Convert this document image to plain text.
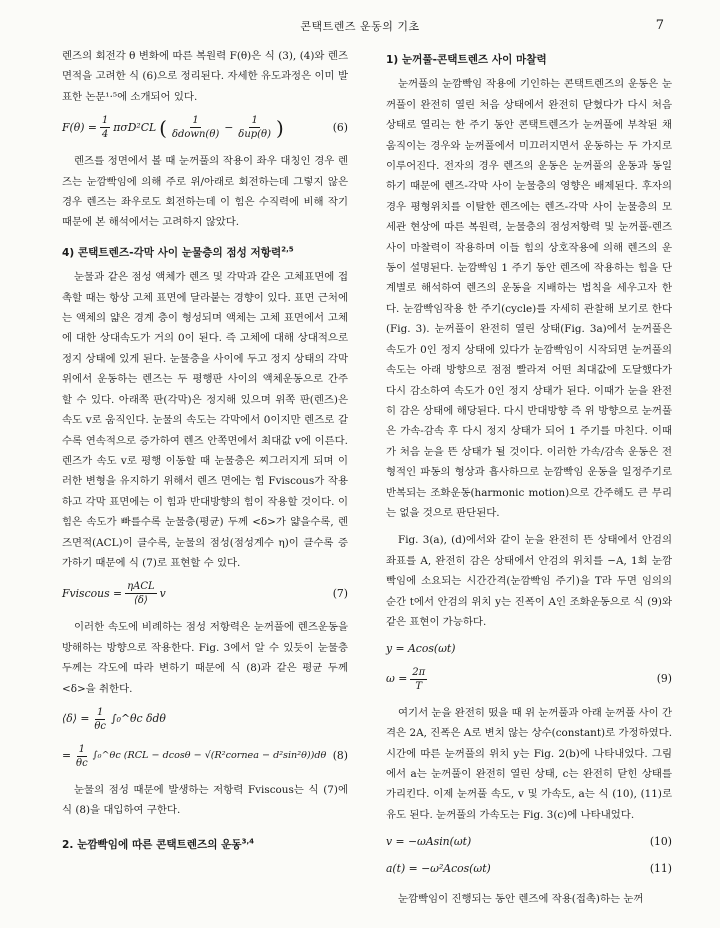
콘택트렌즈 운동의 기초	7

렌즈의 회전각 θ 변화에 따른 복원력 F(θ)은 식 (3), (4)와 렌즈 면적을 고려한 식 (6)으로 정리된다. 자세한 유도과정은 이미 발표한 논문¹·⁵에 소개되어 있다.

$F(\theta) = \frac{1}{4} \pi\sigma D^2CL$ ( $\frac{1}{\text{δdown(θ)}} - \frac{1}{\text{δup(θ)}}$ )	(6)

렌즈를 정면에서 볼 때 눈꺼풀의 작용이 좌우 대칭인 경우 렌즈는 눈깜빡임에 의해 주로 위/아래로 회전하는데 그렇지 않은 경우 렌즈는 좌우로도 회전하는데 이 힘은 수직력에 비해 작기 때문에 본 해석에서는 고려하지 않았다.

4) 콘택트렌즈-각막 사이 눈물층의 점성 저항력$^{2,5}$

눈물과 같은 점성 액체가 렌즈 및 각막과 같은 고체표면에 접촉할 때는 항상 고체 표면에 달라붙는 경향이 있다. 표면 근처에는 액체의 얇은 경계 층이 형성되며 액체는 고체 표면에서 고체에 대한 상대속도가 거의 0이 된다. 즉 고체에 대해 상대적으로 정지 상태에 있게 된다. 눈물층을 사이에 두고 정지 상태의 각막 위에서 운동하는 렌즈는 두 평행판 사이의 액체운동으로 간주 할 수 있다. 아래쪽 판(각막)은 정지해 있으며 위쪽 판(렌즈)은 속도 v로 움직인다. 눈물의 속도는 각막에서 0이지만 렌즈로 갈수록 연속적으로 증가하여 렌즈 안쪽면에서 최대값 v에 이른다. 렌즈가 속도 v로 평행 이동할 때 눈물층은 찌그러지게 되며 이러한 변형을 유지하기 위해서 렌즈 면에는 힘 Fviscous가 작용하고 각막 표면에는 이 힘과 반대방향의 힘이 작용할 것이다. 이 힘은 속도가 빠를수록 눈물층(평균) 두께 <δ>가 얇을수록, 렌즈면적(ACL)이 클수록, 눈물의 점성(점성계수 η)이 클수록 증가하기 때문에 식 (7)로 표현할 수 있다.

Fviscous = $\frac{\text{ηACL}}{⟨\delta⟩}$ v	(7)

이러한 속도에 비례하는 점성 저항력은 눈꺼풀에 렌즈운동을 방해하는 방향으로 작용한다. Fig. 3에서 알 수 있듯이 눈물층 두께는 각도에 따라 변하기 때문에 식 (8)과 같은 평균 두께 <δ>을 취한다.

⟨δ⟩ = $\frac{1}{\theta c}$ ∫₀^θc δdθ
= $\frac{1}{\theta c}$ ∫₀^θc (RCL − dcosθ − √(R²cornea − d²sin²θ))dθ (8)

눈물의 점성 때문에 발생하는 저항력 Fviscous는 식 (7)에 식 (8)을 대입하여 구한다.

2. 눈깜빡임에 따른 콘택트렌즈의 운동$^{3,4}$
1) 눈꺼풀-콘택트렌즈 사이 마찰력

눈꺼풀의 눈깜빡임 작용에 기인하는 콘택트렌즈의 운동은 눈꺼풀이 완전히 열린 처음 상태에서 완전히 닫혔다가 다시 처음 상태로 열리는 한 주기 동안 콘택트렌즈가 눈꺼풀에 부착된 채 움직이는 경우와 눈꺼풀에서 미끄러지면서 운동하는 두 가지로 이루어진다. 전자의 경우 렌즈의 운동은 눈꺼풀의 운동과 동일하기 때문에 렌즈-각막 사이 눈물층의 영향은 배제된다. 후자의 경우 평형위치를 이탈한 렌즈에는 렌즈-각막 사이 눈물층의 모세관 현상에 따른 복원력, 눈물층의 점성저항력 및 눈꺼풀-렌즈 사이 마찰력이 작용하며 이들 힘의 상호작용에 의해 렌즈의 운동이 설명된다. 눈깜빡임 1 주기 동안 렌즈에 작용하는 힘을 단계별로 해석하여 렌즈의 운동을 지배하는 법칙을 세우고자 한다. 눈깜빡임작용 한 주기(cycle)를 자세히 관찰해 보기로 한다(Fig. 3). 눈꺼풀이 완전히 열린 상태(Fig. 3a)에서 눈꺼풀은 속도가 0인 정지 상태에 있다가 눈깜빡임이 시작되면 눈꺼풀의 속도는 아래 방향으로 점점 빨라져 어떤 최대값에 도달했다가 다시 감소하여 속도가 0인 정지 상태가 된다. 이때가 눈을 완전히 감은 상태에 해당된다. 다시 반대방향 즉 위 방향으로 눈꺼풀은 가속-감속 후 다시 정지 상태가 되어 1 주기를 마친다. 이때가 처음 눈을 뜬 상태가 될 것이다. 이러한 가속/감속 운동은 전형적인 파동의 형상과 흡사하므로 눈깜빡임 운동을 일정주기로 반복되는 조화운동(harmonic motion)으로 간주해도 큰 무리는 없을 것으로 판단된다.

Fig. 3(a), (d)에서와 같이 눈을 완전히 뜬 상태에서 안검의 좌표를 A, 완전히 감은 상태에서 안검의 위치를 −A, 1회 눈깜빡임에 소요되는 시간간격(눈깜빡임 주기)을 T라 두면 임의의 순간 t에서 안검의 위치 y는 진폭이 A인 조화운동으로 식 (9)와 같은 표현이 가능하다.

y = Acos(ωt)
$\omega = \frac{2\pi}{T}$	(9)

여기서 눈을 완전히 떴을 때 위 눈꺼풀과 아래 눈꺼풀 사이 간격은 2A, 진폭은 A로 변치 않는 상수(constant)로 가정하였다. 시간에 따른 눈꺼풀의 위치 y는 Fig. 2(b)에 나타내었다. 그림에서 a는 눈꺼풀이 완전히 열린 상태, c는 완전히 닫힌 상태를 가리킨다. 이제 눈꺼풀 속도, v 및 가속도, a는 식 (10), (11)로 유도 된다. 눈꺼풀의 가속도는 Fig. 3(c)에 나타내었다.

v = −ωAsin(ωt)	(10)
a(t) = −ω²Acos(ωt)	(11)

눈깜빡임이 진행되는 동안 렌즈에 작용(접촉)하는 눈꺼
